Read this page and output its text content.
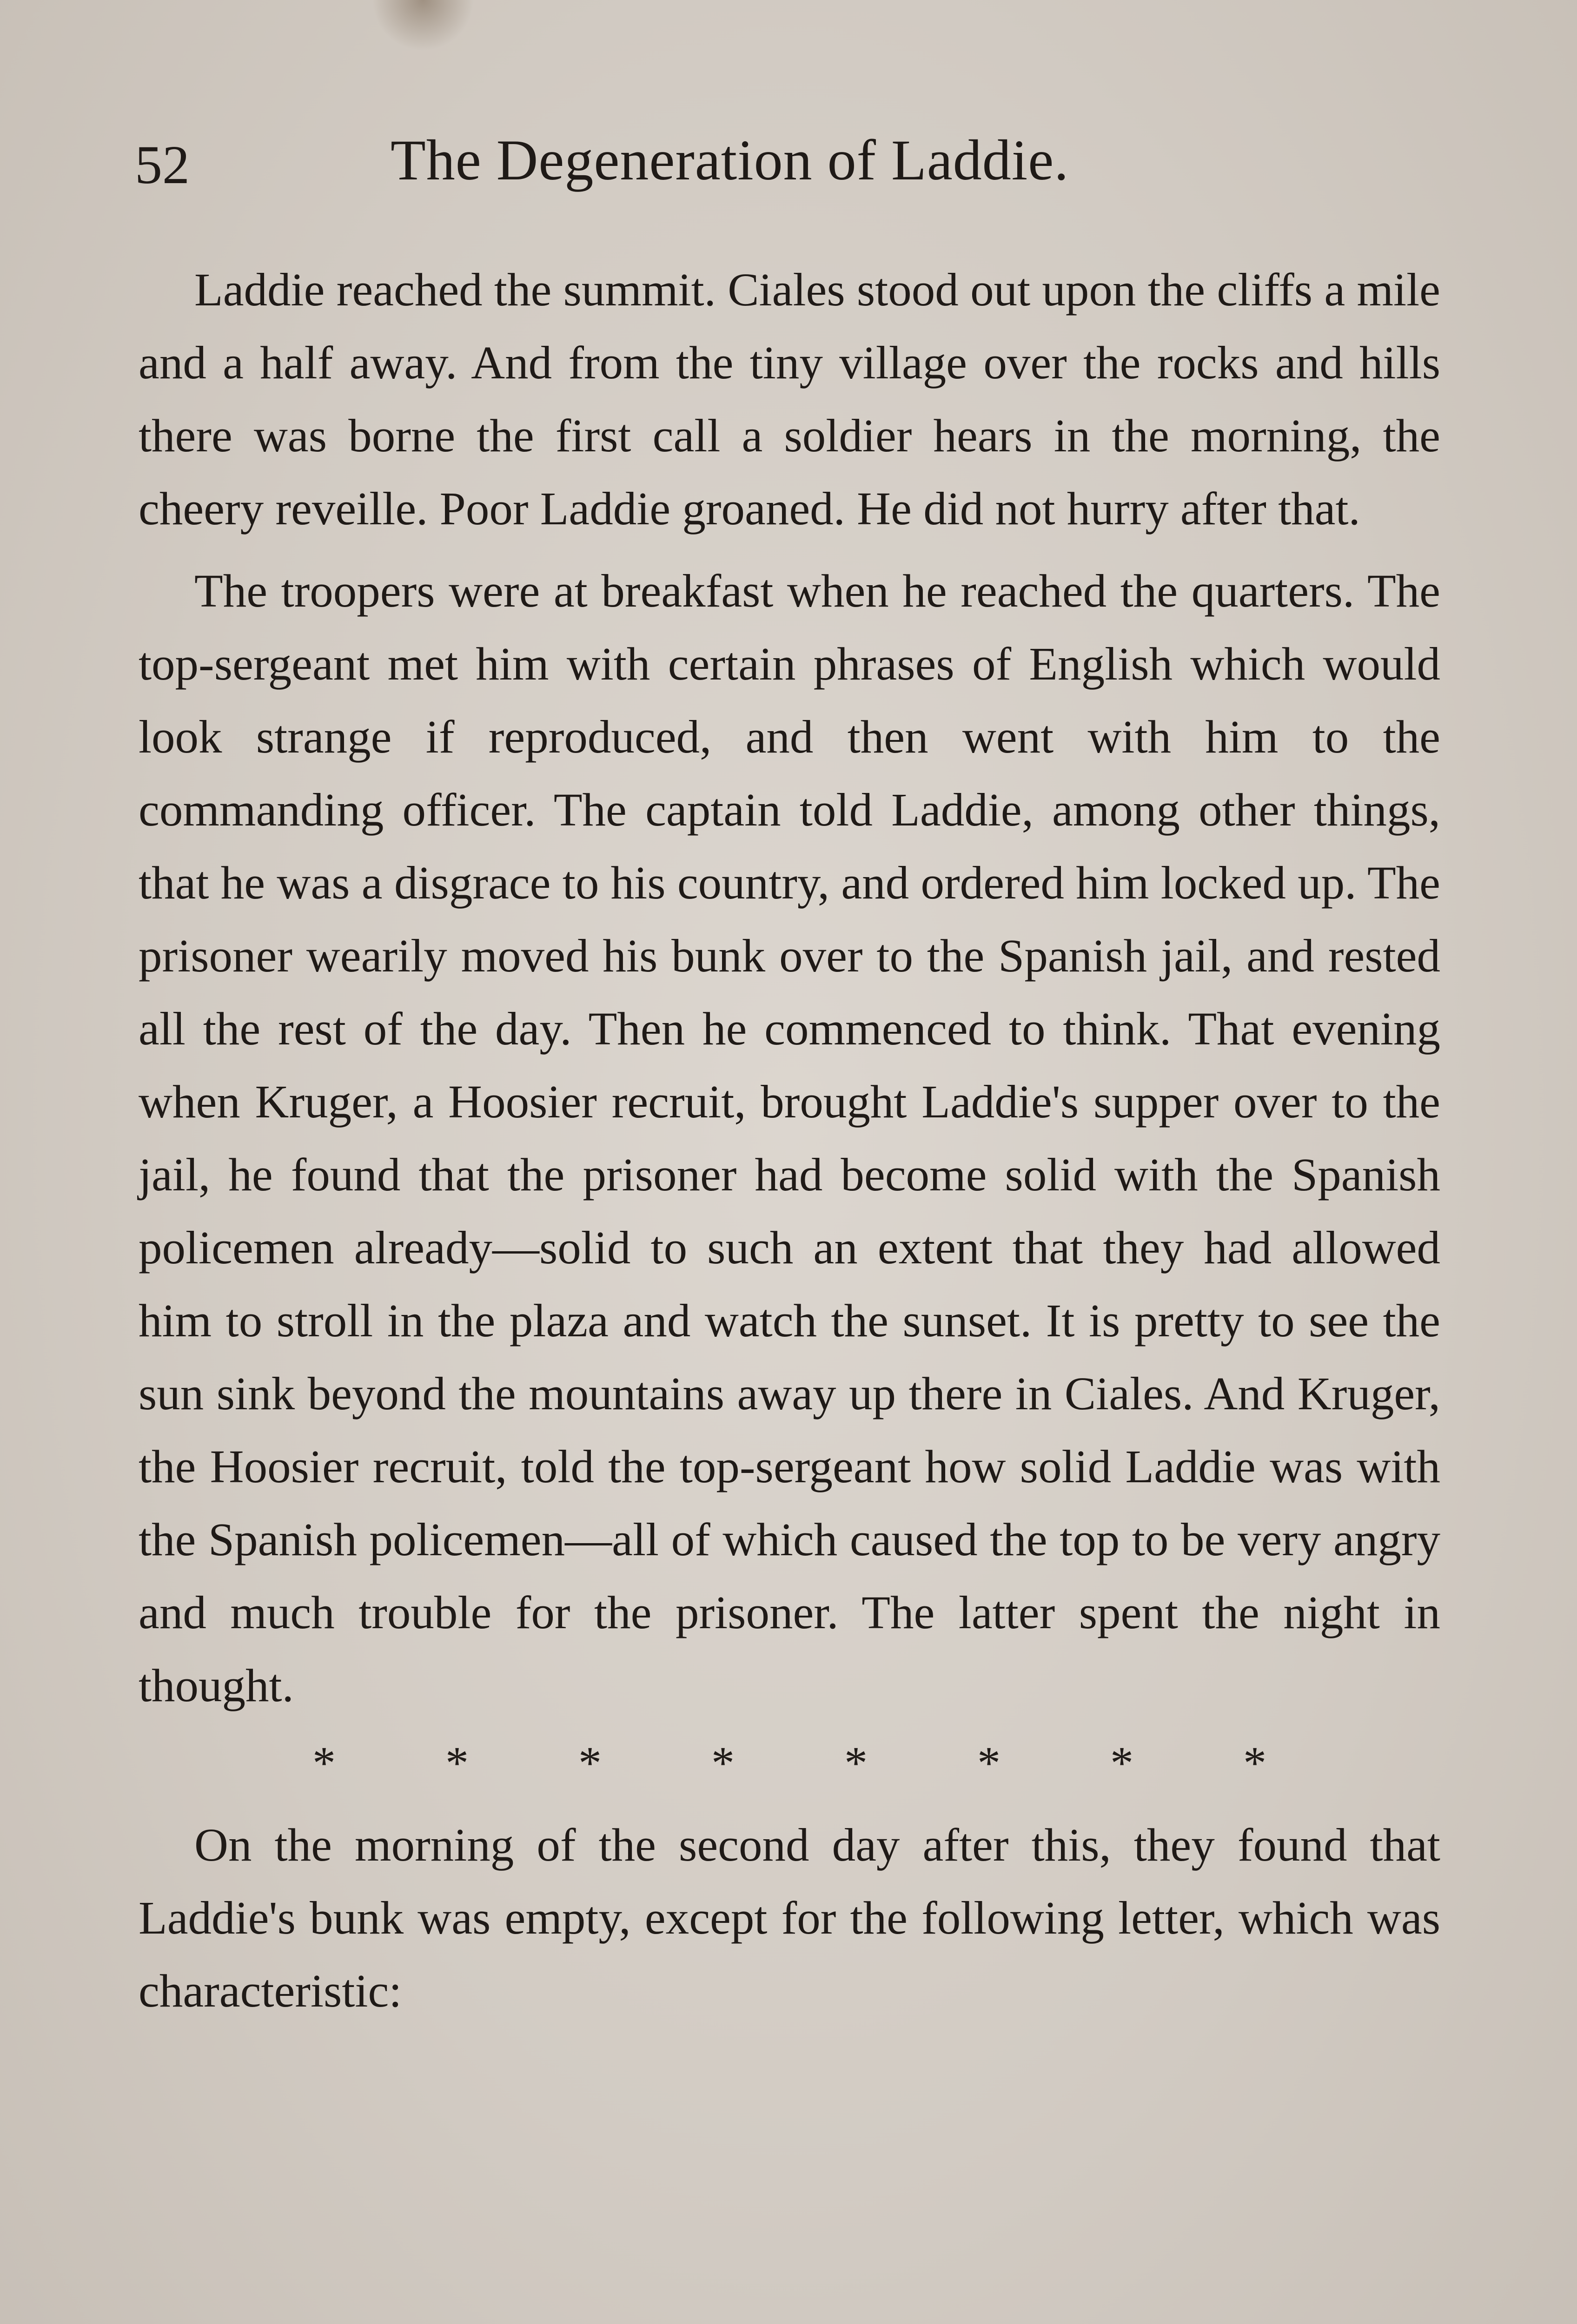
52	The Degeneration of Laddie.

Laddie reached the summit. Ciales stood out upon the cliffs a mile and a half away. And from the tiny village over the rocks and hills there was borne the first call a soldier hears in the morning, the cheery reveille. Poor Laddie groaned. He did not hurry after that.

The troopers were at breakfast when he reached the quarters. The top-sergeant met him with certain phrases of English which would look strange if reproduced, and then went with him to the commanding officer. The captain told Laddie, among other things, that he was a disgrace to his country, and ordered him locked up. The prisoner wearily moved his bunk over to the Spanish jail, and rested all the rest of the day. Then he commenced to think. That evening when Kruger, a Hoosier recruit, brought Laddie's supper over to the jail, he found that the prisoner had become solid with the Spanish policemen already—solid to such an extent that they had allowed him to stroll in the plaza and watch the sunset. It is pretty to see the sun sink beyond the mountains away up there in Ciales. And Kruger, the Hoosier recruit, told the top-sergeant how solid Laddie was with the Spanish policemen—all of which caused the top to be very angry and much trouble for the prisoner. The latter spent the night in thought.

*	*	*	*	*	*	*	*

On the morning of the second day after this, they found that Laddie's bunk was empty, except for the following letter, which was characteristic:
